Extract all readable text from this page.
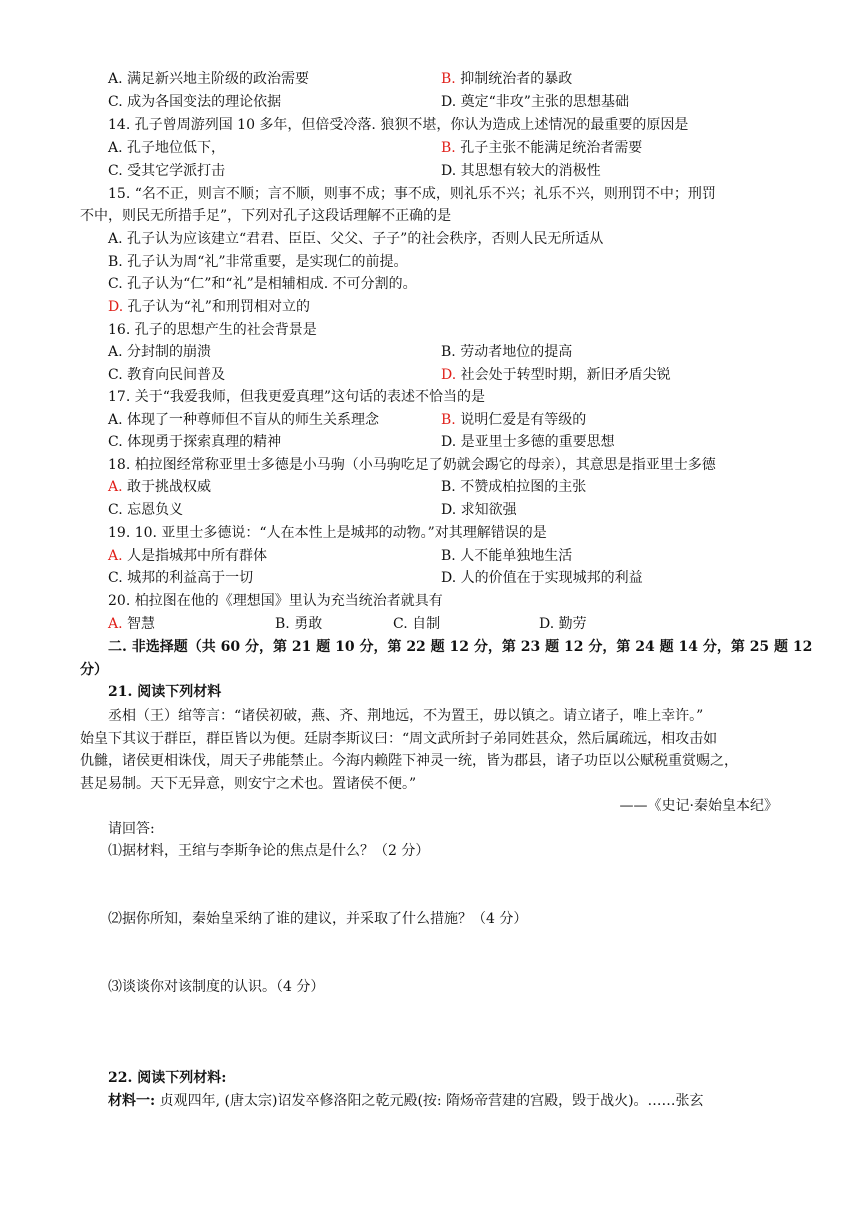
A. 满足新兴地主阶级的政治需要	B. 抑制统治者的暴政
C. 成为各国变法的理论依据	D. 奠定“非攻”主张的思想基础
14. 孔子曾周游列国 10 多年，但倍受冷落. 狼狈不堪，你认为造成上述情况的最重要的原因是
A. 孔子地位低下，	B. 孔子主张不能满足统治者需要
C. 受其它学派打击	D. 其思想有较大的消极性
15. “名不正，则言不顺；言不顺，则事不成；事不成，则礼乐不兴；礼乐不兴，则刑罚不中；刑罚
不中，则民无所措手足”，下列对孔子这段话理解不正确的是
A. 孔子认为应该建立“君君、臣臣、父父、子子”的社会秩序，否则人民无所适从
B. 孔子认为周“礼”非常重要，是实现仁的前提。
C. 孔子认为“仁”和“礼”是相辅相成. 不可分割的。
D. 孔子认为“礼”和刑罚相对立的
16. 孔子的思想产生的社会背景是
A. 分封制的崩溃	B. 劳动者地位的提高
C. 教育向民间普及	D. 社会处于转型时期，新旧矛盾尖锐
17. 关于“我爱我师，但我更爱真理”这句话的表述不恰当的是
A. 体现了一种尊师但不盲从的师生关系理念	B. 说明仁爱是有等级的
C. 体现勇于探索真理的精神	D. 是亚里士多德的重要思想
18. 柏拉图经常称亚里士多德是小马驹（小马驹吃足了奶就会踢它的母亲），其意思是指亚里士多德
A. 敢于挑战权威	B. 不赞成柏拉图的主张
C. 忘恩负义	D. 求知欲强
19. 10. 亚里士多德说：“人在本性上是城邦的动物。”对其理解错误的是
A. 人是指城邦中所有群体	B. 人不能单独地生活
C. 城邦的利益高于一切	D. 人的价值在于实现城邦的利益
20. 柏拉图在他的《理想国》里认为充当统治者就具有
A. 智慧	B. 勇敢	C. 自制	D. 勤劳
二. 非选择题（共 60 分，第 21 题 10 分，第 22 题 12 分，第 23 题 12 分，第 24 题 14 分，第 25 题 12
分）
21. 阅读下列材料
丞相（王）绾等言：“诸侯初破，燕、齐、荆地远，不为置王，毋以镇之。请立诸子，唯上幸许。”
始皇下其议于群臣，群臣皆以为便。廷尉李斯议曰：“周文武所封子弟同姓甚众，然后属疏远，相攻击如
仇雠，诸侯更相诛伐，周天子弗能禁止。今海内赖陛下神灵一统，皆为郡县，诸子功臣以公赋税重赏赐之，
甚足易制。天下无异意，则安宁之术也。置诸侯不便。”
——《史记·秦始皇本纪》
请回答:
⑴据材料，王绾与李斯争论的焦点是什么？（2 分）
⑵据你所知，秦始皇采纳了谁的建议，并采取了什么措施？（4 分）
⑶谈谈你对该制度的认识。（4 分）
22. 阅读下列材料:
材料一: 贞观四年, (唐太宗)诏发卒修洛阳之乾元殿(按: 隋炀帝营建的宫殿，毁于战火)。……张玄
